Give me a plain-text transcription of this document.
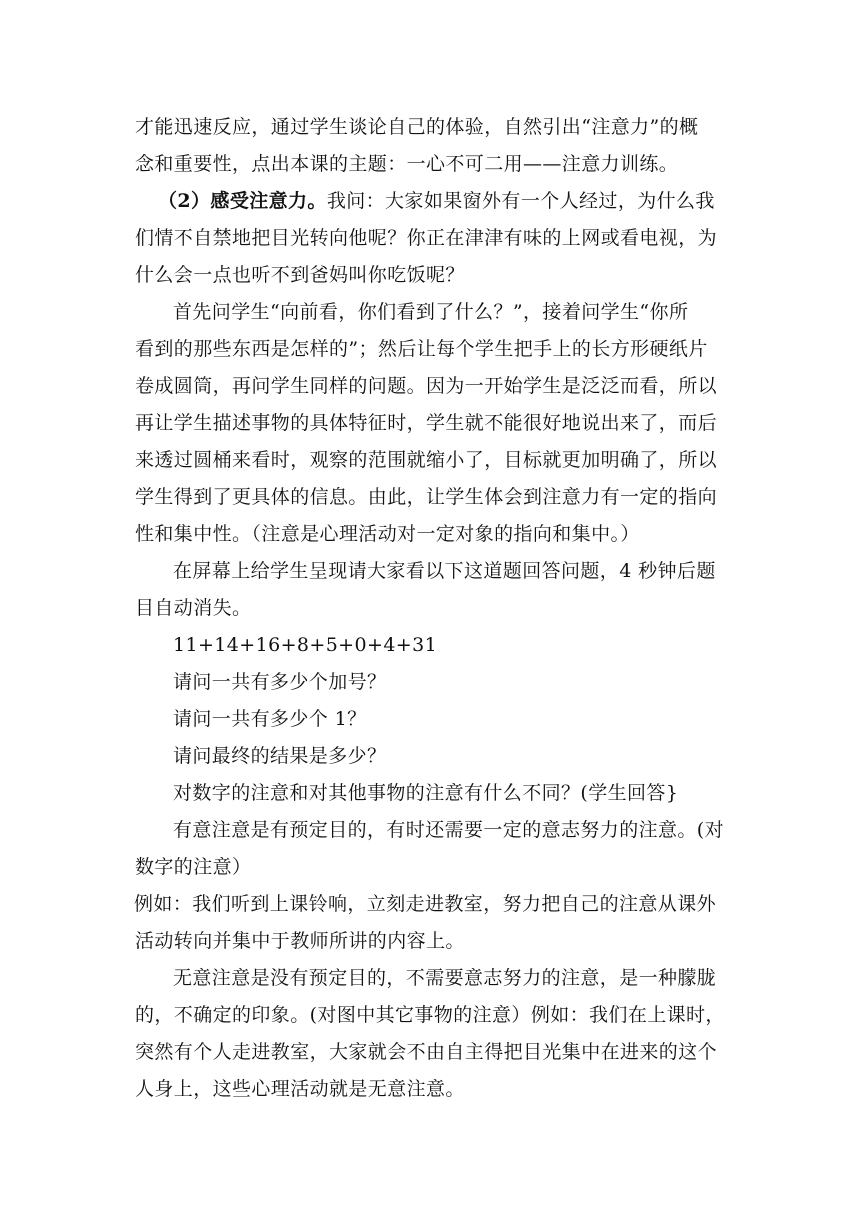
才能迅速反应，通过学生谈论自己的体验，自然引出“注意力”的概
念和重要性，点出本课的主题：一心不可二用——注意力训练。
（2）感受注意力。我问：大家如果窗外有一个人经过，为什么我
们情不自禁地把目光转向他呢？你正在津津有味的上网或看电视，为
什么会一点也听不到爸妈叫你吃饭呢？
首先问学生“向前看，你们看到了什么？”，接着问学生“你所
看到的那些东西是怎样的”；然后让每个学生把手上的长方形硬纸片
卷成圆筒，再问学生同样的问题。因为一开始学生是泛泛而看，所以
再让学生描述事物的具体特征时，学生就不能很好地说出来了，而后
来透过圆桶来看时，观察的范围就缩小了，目标就更加明确了，所以
学生得到了更具体的信息。由此，让学生体会到注意力有一定的指向
性和集中性。（注意是心理活动对一定对象的指向和集中。）
在屏幕上给学生呈现请大家看以下这道题回答问题，4 秒钟后题
目自动消失。
11+14+16+8+5+0+4+31
请问一共有多少个加号？
请问一共有多少个 1？
请问最终的结果是多少？
对数字的注意和对其他事物的注意有什么不同？(学生回答}
有意注意是有预定目的，有时还需要一定的意志努力的注意。(对
数字的注意）
例如：我们听到上课铃响，立刻走进教室，努力把自己的注意从课外
活动转向并集中于教师所讲的内容上。
无意注意是没有预定目的，不需要意志努力的注意，是一种朦胧
的，不确定的印象。(对图中其它事物的注意）例如：我们在上课时，
突然有个人走进教室，大家就会不由自主得把目光集中在进来的这个
人身上，这些心理活动就是无意注意。
